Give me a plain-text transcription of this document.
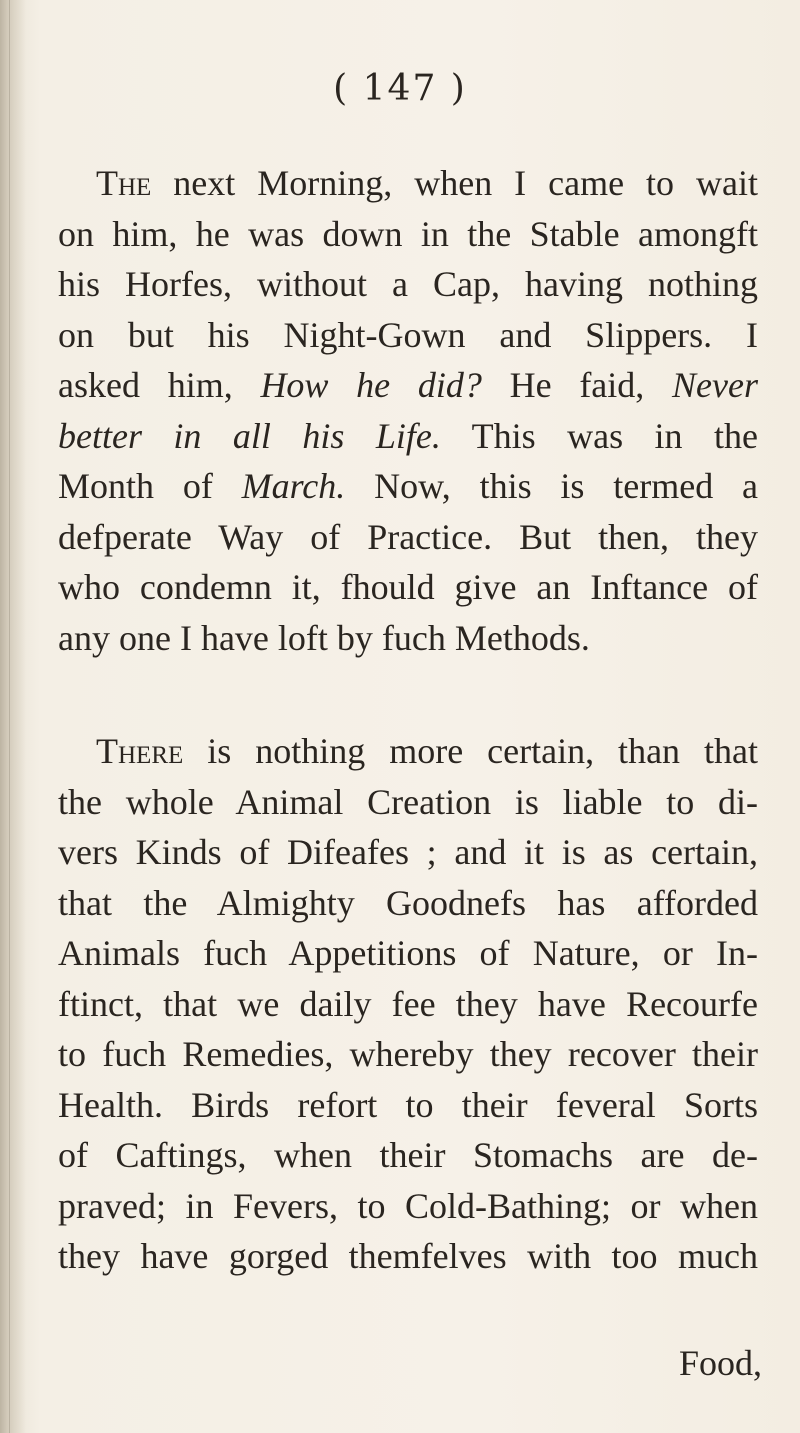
( 147 )
The next Morning, when I came to wait
on him, he was down in the Stable amongft
his Horfes, without a Cap, having nothing
on but his Night-Gown and Slippers. I
asked him, How he did? He faid, Never
better in all his Life. This was in the
Month of March. Now, this is termed a
defperate Way of Practice. But then, they
who condemn it, fhould give an Inftance of
any one I have loft by fuch Methods.
There is nothing more certain, than that
the whole Animal Creation is liable to di-
vers Kinds of Difeafes ; and it is as certain,
that the Almighty Goodnefs has afforded
Animals fuch Appetitions of Nature, or In-
ftinct, that we daily fee they have Recourfe
to fuch Remedies, whereby they recover their
Health. Birds refort to their feveral Sorts
of Caftings, when their Stomachs are de-
praved; in Fevers, to Cold-Bathing; or when
they have gorged themfelves with too much
Food,
